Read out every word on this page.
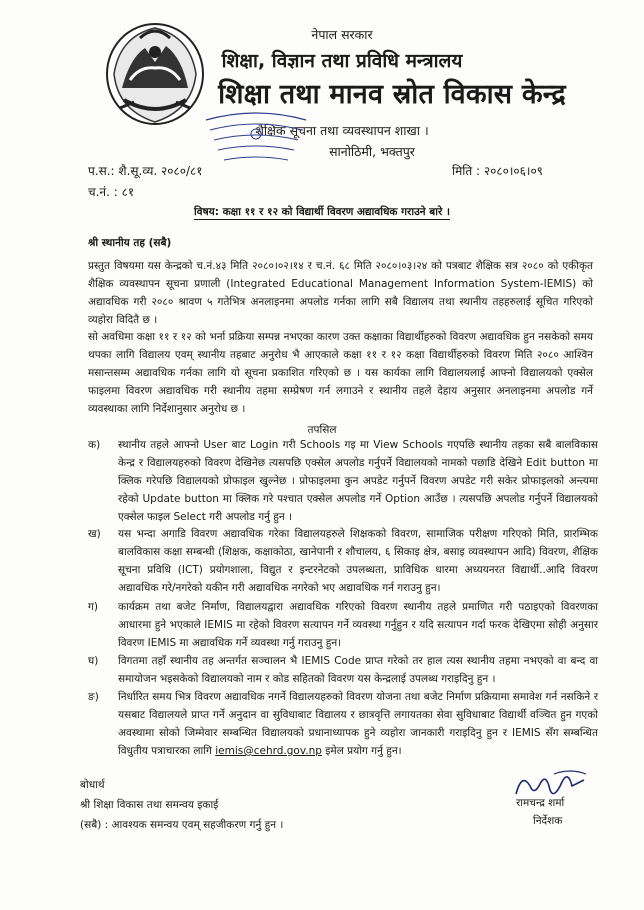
नेपाल सरकार
शिक्षा, विज्ञान तथा प्रविधि मन्त्रालय
शिक्षा तथा मानव स्रोत विकास केन्द्र
शैक्षिक सूचना तथा व्यवस्थापन शाखा ।
सानोठिमी, भक्तपुर
प.स.: शै.सू.व्य. २०८०/८१	मिति : २०८०।०६।०९
च.नं. : ८१
विषय: कक्षा ११ र १२ को विद्यार्थी विवरण अद्यावधिक गराउने बारे ।
श्री स्थानीय तह (सबै)
प्रस्तुत विषयमा यस केन्द्रको च.नं.४३ मिति २०८०।०२।१४ र च.नं. ६८ मिति २०८०।०३।२४ को पत्रबाट शैक्षिक सत्र २०८० को एकीकृत शैक्षिक व्यवस्थापन सूचना प्रणाली (Integrated Educational Management Information System-IEMIS) को अद्यावधिक गरी २०८० श्रावण ५ गतेभित्र अनलाइनमा अपलोड गर्नका लागि सबै विद्यालय तथा स्थानीय तहहरुलाई सूचित गरिएको व्यहोरा विदितै छ ।
सो अवधिमा कक्षा ११ र १२ को भर्ना प्रक्रिया सम्पन्न नभएका कारण उक्त कक्षाका विद्यार्थीहरुको विवरण अद्यावधिक हुन नसकेको समय थपका लागि विद्यालय एवम् स्थानीय तहबाट अनुरोध भै आएकाले कक्षा ११ र १२ कक्षा विद्यार्थीहरुको विवरण मिति २०८० आश्विन मसान्तसम्म अद्यावधिक गर्नका लागि यो सूचना प्रकाशित गरिएको छ । यस कार्यका लागि विद्यालयलाई आफ्नो विद्यालयको एक्सेल फाइलमा विवरण अद्यावधिक गरी स्थानीय तहमा सम्प्रेषण गर्न लगाउने र स्थानीय तहले देहाय अनुसार अनलाइनमा अपलोड गर्ने व्यवस्थाका लागि निर्देशानुसार अनुरोध छ ।
तपसिल
क)	स्थानीय तहले आफ्नो User बाट Login गरी Schools गइ मा View Schools गएपछि स्थानीय तहका सबै बालविकास केन्द्र र विद्यालयहरुको विवरण देखिनेछ त्यसपछि एक्सेल अपलोड गर्नुपर्ने विद्यालयको नामको पछाडि देखिने Edit button मा क्लिक गरेपछि विद्यालयको प्रोफाइल खुल्नेछ । प्रोफाइलमा कुन अपडेट गर्नुपर्ने विवरण अपडेट गरी सकेर प्रोफाइलको अन्त्यमा रहेको Update button मा क्लिक गरे पश्चात एक्सेल अपलोड गर्ने Option आउँछ । त्यसपछि अपलोड गर्नुपर्ने विद्यालयको एक्सेल फाइल Select गरी अपलोड गर्नु हुन ।
ख)	यस भन्दा अगाडि विवरण अद्यावधिक गरेका विद्यालयहरुले शिक्षकको विवरण, सामाजिक परीक्षण गरिएको मिति, प्रारम्भिक बालविकास कक्षा सम्बन्धी (शिक्षक, कक्षाकोठा, खानेपानी र शौचालय, ६ सिकाइ क्षेत्र, बसाइ व्यवस्थापन आदि) विवरण, शैक्षिक सूचना प्रविधि (ICT) प्रयोगशाला, विद्युत र इन्टरनेटको उपलब्धता, प्राविधिक धारमा अध्ययनरत विद्यार्थी..आदि विवरण अद्यावधिक गरे/नगरेको यकीन गरी अद्यावधिक नगरेको भए अद्यावधिक गर्न गराउनु हुन।
ग)	कार्यक्रम तथा बजेट निर्माण, विद्यालयद्वारा अद्यावधिक गरिएको विवरण स्थानीय तहले प्रमाणित गरी पठाइएको विवरणका आधारमा हुने भएकाले IEMIS मा रहेको विवरण सत्यापन गर्ने व्यवस्था गर्नुहुन र यदि सत्यापन गर्दा फरक देखिएमा सोही अनुसार विवरण IEMIS मा अद्यावधिक गर्ने व्यवस्था गर्नु गराउनु हुन।
घ)	विगतमा तहाँ स्थानीय तह अन्तर्गत सञ्चालन भै IEMIS Code प्राप्त गरेको तर हाल त्यस स्थानीय तहमा नभएको वा बन्द वा समायोजन भइसकेको विद्यालयको नाम र कोड सहितको विवरण यस केन्द्रलाई उपलब्ध गराइदिनु हुन ।
ङ)	निर्धारित समय भित्र विवरण अद्यावधिक नगर्ने विद्यालयहरुको विवरण योजना तथा बजेट निर्माण प्रक्रियामा समावेश गर्न नसकिने र यसबाट विद्यालयले प्राप्त गर्ने अनुदान वा सुविधाबाट विद्यालय र छात्रवृत्ति लगायतका सेवा सुविधाबाट विद्यार्थी वञ्चित हुन गएको अवस्थामा सोको जिम्मेवार सम्बन्धित विद्यालयको प्रधानाध्यापक हुने व्यहोरा जानकारी गराइदिनु हुन र IEMIS सँग सम्बन्धित विधुतीय पत्राचारका लागि iemis@cehrd.gov.np इमेल प्रयोग गर्नु हुन।
बोधार्थ
श्री शिक्षा विकास तथा समन्वय इकाई
(सबै) : आवश्यक समन्वय एवम् सहजीकरण गर्नु हुन ।
रामचन्द्र शर्मा
निर्देशक
